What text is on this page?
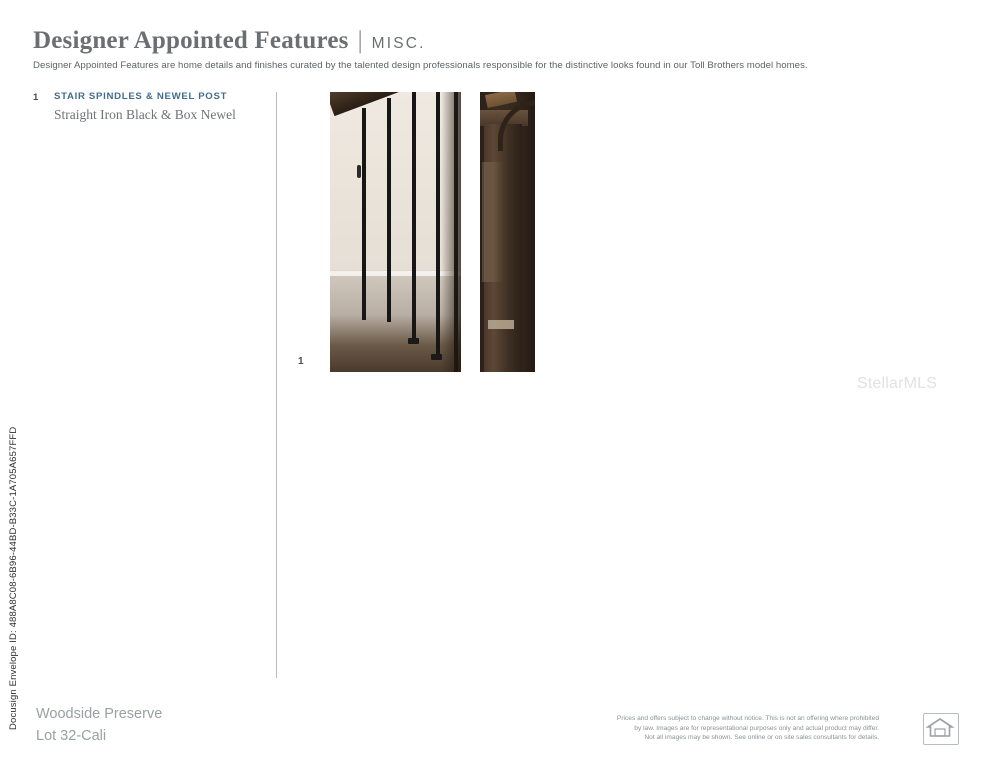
Docusign Envelope ID: 488A8C08-6B96-44BD-B33C-1A705A657FFD
Designer Appointed Features | MISC.
Designer Appointed Features are home details and finishes curated by the talented design professionals responsible for the distinctive looks found in our Toll Brothers model homes.
1	STAIR SPINDLES & NEWEL POST
Straight Iron Black & Box Newel
1
StellarMLS
Woodside Preserve
Lot 32-Cali
Prices and offers subject to change without notice. This is not an offering where prohibited
by law. Images are for representational purposes only and actual product may differ.
Not all images may be shown. See online or on site sales consultants for details.
